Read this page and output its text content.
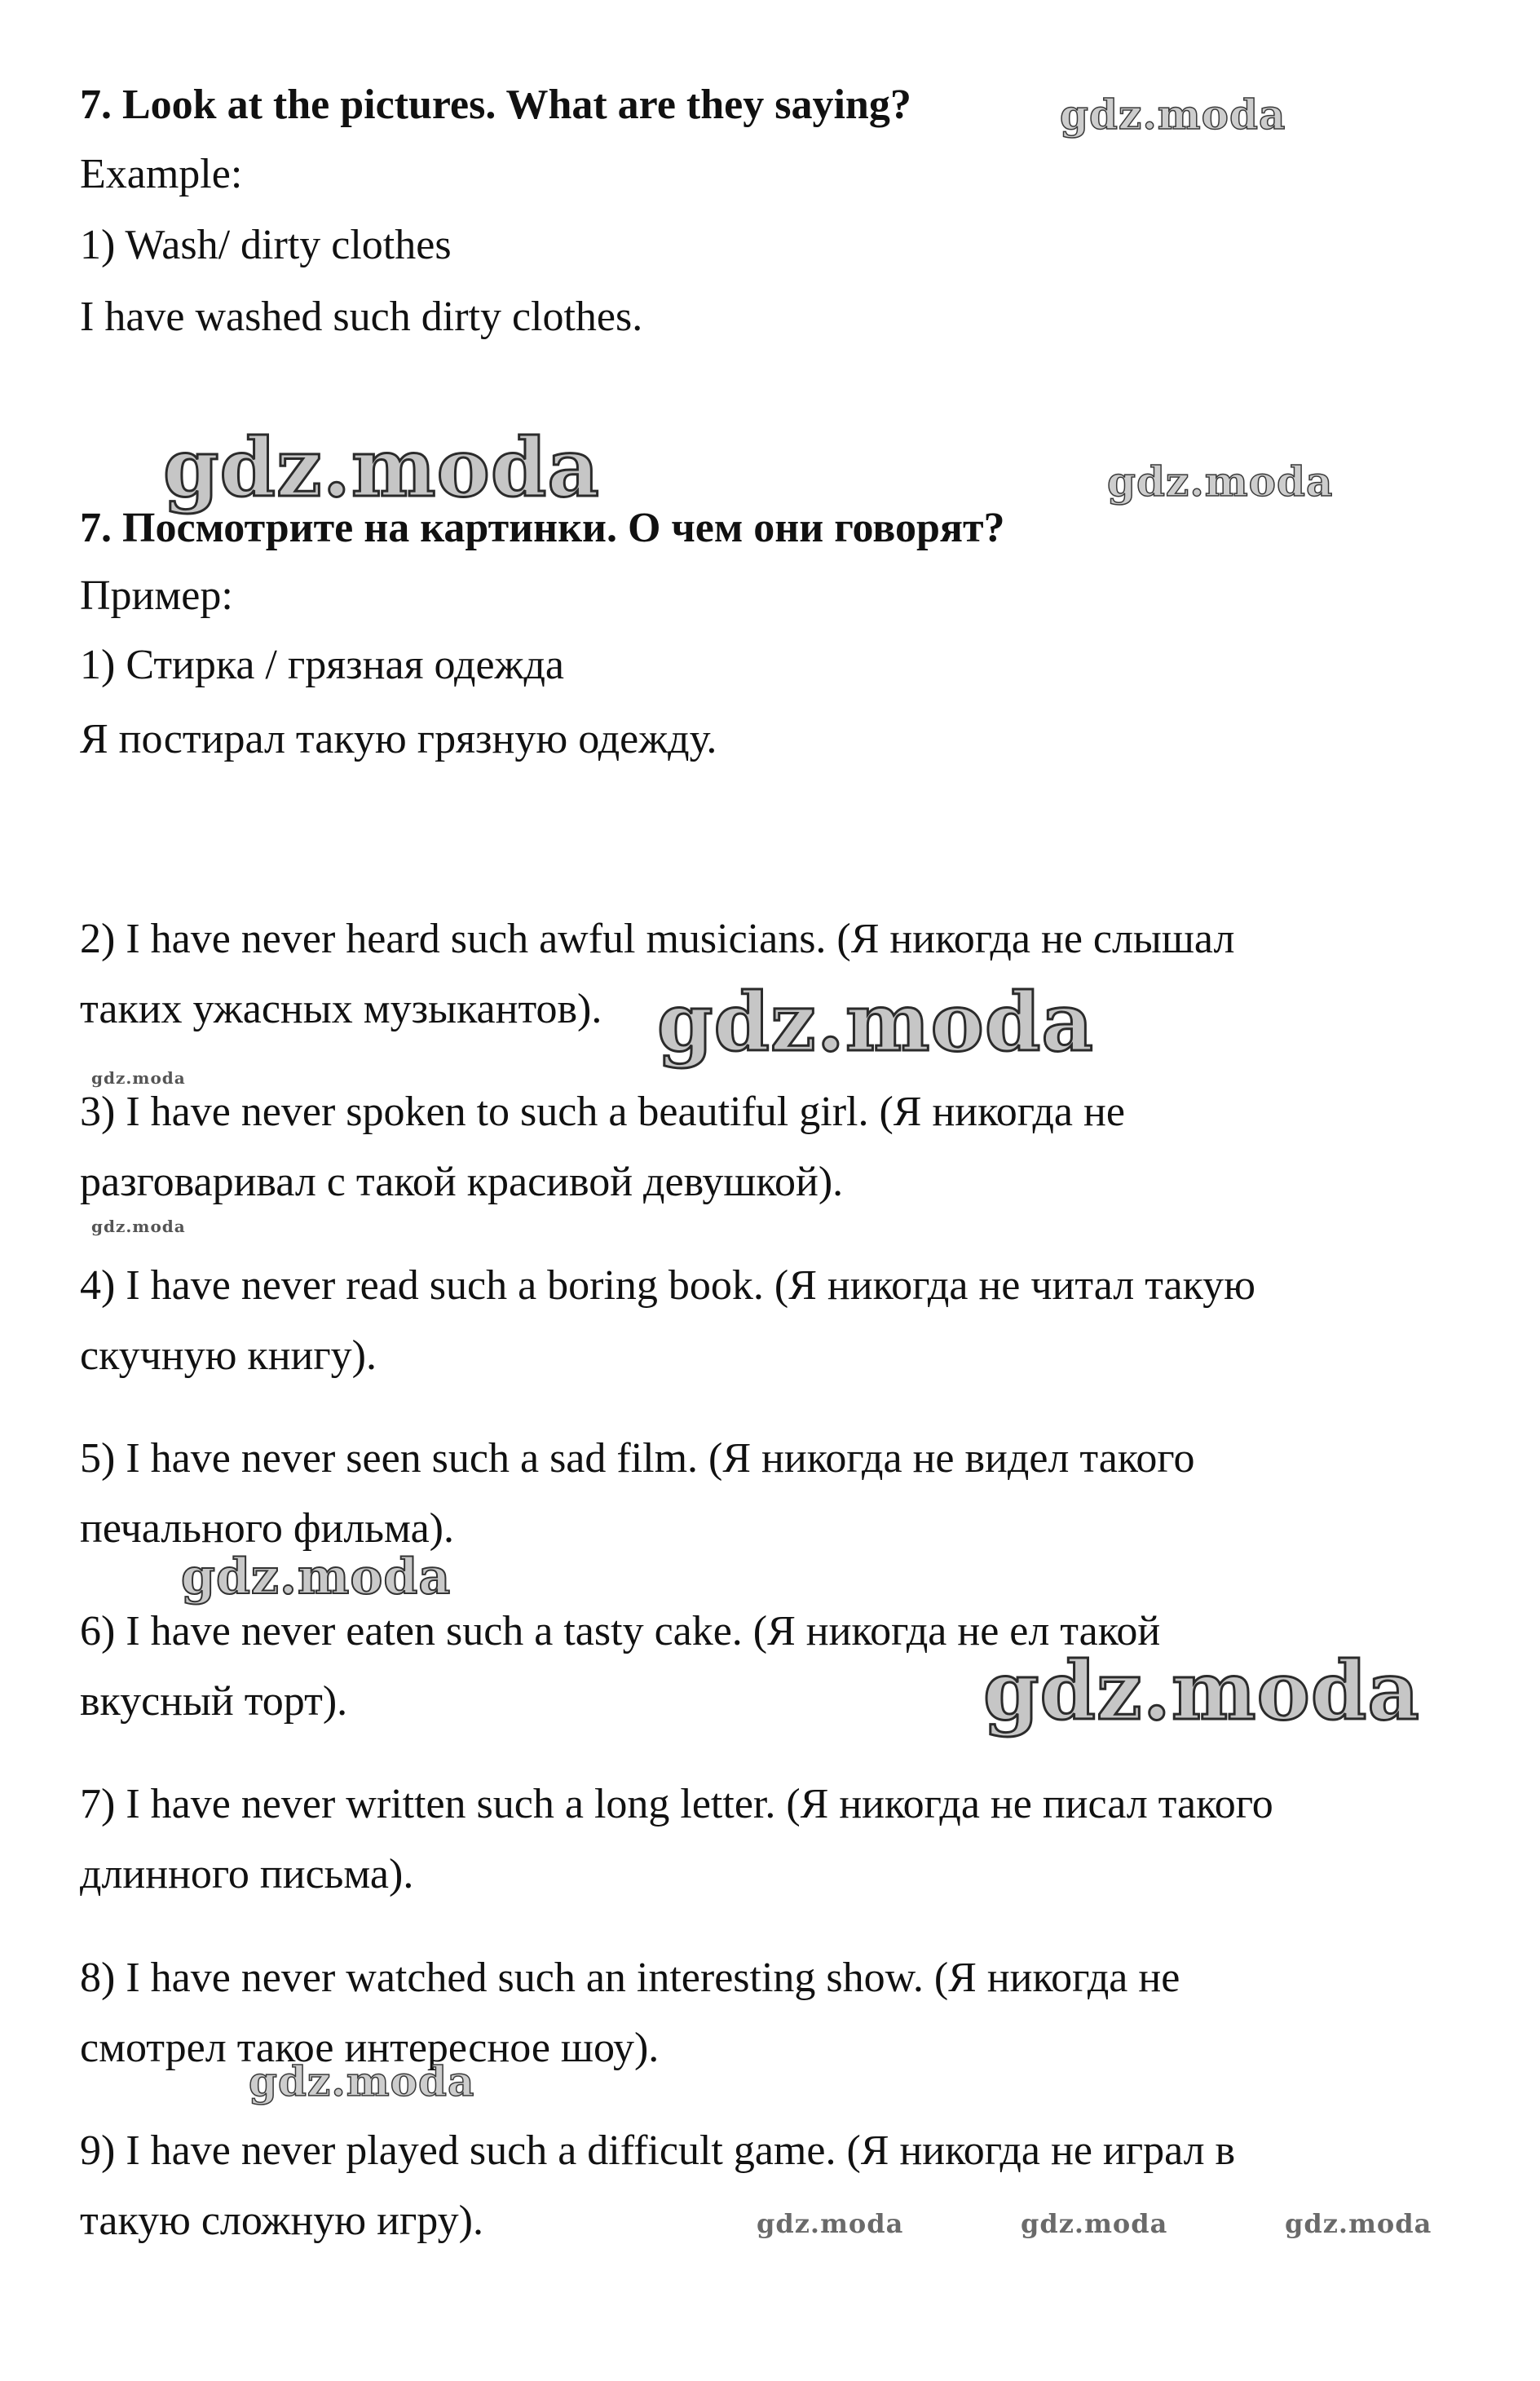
7. Look at the pictures. What are they saying?

Example:

1) Wash/ dirty clothes

I have washed such dirty clothes.

7. Посмотрите на картинки. О чем они говорят?

Пример:

1) Стирка / грязная одежда

Я постирал такую грязную одежду.

2) I have never heard such awful musicians. (Я никогда не слышал

таких ужасных музыкантов).

3) I have never spoken to such a beautiful girl. (Я никогда не

разговаривал с такой красивой девушкой).

4) I have never read such a boring book. (Я никогда не читал такую

скучную книгу).

5) I have never seen such a sad film. (Я никогда не видел такого

печального фильма).

6) I have never eaten such a tasty cake. (Я никогда не ел такой

вкусный торт).

7) I have never written such a long letter. (Я никогда не писал такого

длинного письма).

8) I have never watched such an interesting show. (Я никогда не

смотрел такое интересное шоу).

9) I have never played such a difficult game. (Я никогда не играл в

такую сложную игру).

gdz.moda
gdz.moda	gdz.moda
gdz.moda
gdz.moda
gdz.moda
gdz.moda
gdz.moda
gdz.moda
gdz.moda	gdz.moda	gdz.moda
